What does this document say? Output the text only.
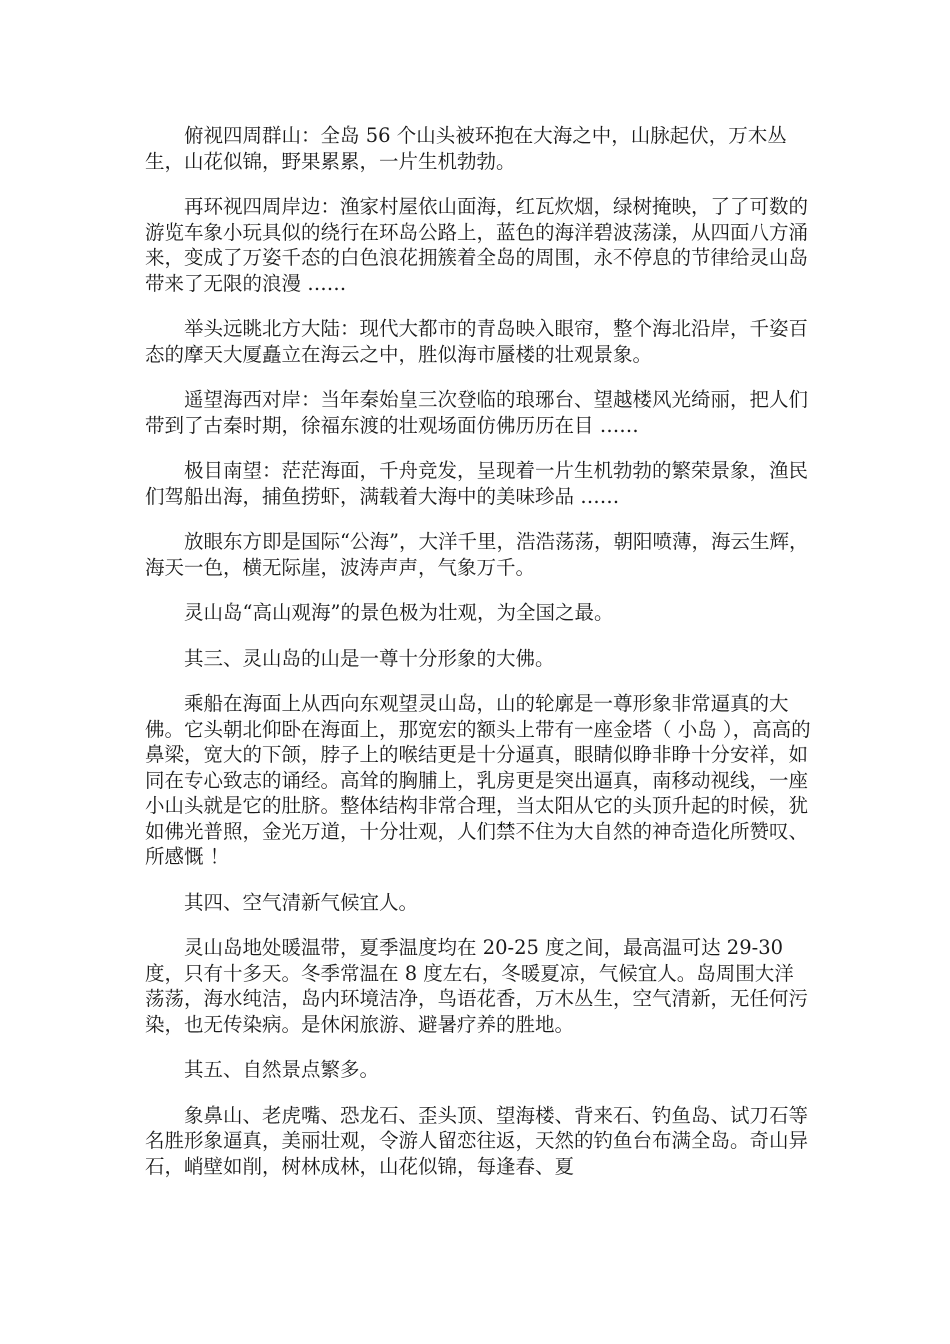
俯视四周群山：全岛 56 个山头被环抱在大海之中，山脉起伏，万木丛生，山花似锦，野果累累，一片生机勃勃。

再环视四周岸边：渔家村屋依山面海，红瓦炊烟，绿树掩映，了了可数的游览车象小玩具似的绕行在环岛公路上，蓝色的海洋碧波荡漾，从四面八方涌来，变成了万姿千态的白色浪花拥簇着全岛的周围，永不停息的节律给灵山岛带来了无限的浪漫 ……

举头远眺北方大陆：现代大都市的青岛映入眼帘，整个海北沿岸，千姿百态的摩天大厦矗立在海云之中，胜似海市蜃楼的壮观景象。

遥望海西对岸：当年秦始皇三次登临的琅琊台、望越楼风光绮丽，把人们带到了古秦时期，徐福东渡的壮观场面仿佛历历在目 ……

极目南望：茫茫海面，千舟竞发，呈现着一片生机勃勃的繁荣景象，渔民们驾船出海，捕鱼捞虾，满载着大海中的美味珍品 ……

放眼东方即是国际“公海”，大洋千里，浩浩荡荡，朝阳喷薄，海云生辉，海天一色，横无际崖，波涛声声，气象万千。

灵山岛“高山观海”的景色极为壮观，为全国之最。

其三、灵山岛的山是一尊十分形象的大佛。

乘船在海面上从西向东观望灵山岛，山的轮廓是一尊形象非常逼真的大佛。它头朝北仰卧在海面上，那宽宏的额头上带有一座金塔（ 小岛 ），高高的鼻梁，宽大的下颌，脖子上的喉结更是十分逼真，眼睛似睁非睁十分安祥，如同在专心致志的诵经。高耸的胸脯上，乳房更是突出逼真，南移动视线，一座小山头就是它的肚脐。整体结构非常合理，当太阳从它的头顶升起的时候，犹如佛光普照，金光万道，十分壮观，人们禁不住为大自然的神奇造化所赞叹、所感慨 ！

其四、空气清新气候宜人。

灵山岛地处暖温带，夏季温度均在 20-25 度之间，最高温可达 29-30 度，只有十多天。冬季常温在 8 度左右，冬暖夏凉，气候宜人。岛周围大洋荡荡，海水纯洁，岛内环境洁净，鸟语花香，万木丛生，空气清新，无任何污染，也无传染病。是休闲旅游、避暑疗养的胜地。

其五、自然景点繁多。

象鼻山、老虎嘴、恐龙石、歪头顶、望海楼、背来石、钓鱼岛、试刀石等名胜形象逼真，美丽壮观，令游人留恋往返，天然的钓鱼台布满全岛。奇山异石，峭壁如削，树林成林，山花似锦，每逢春、夏
